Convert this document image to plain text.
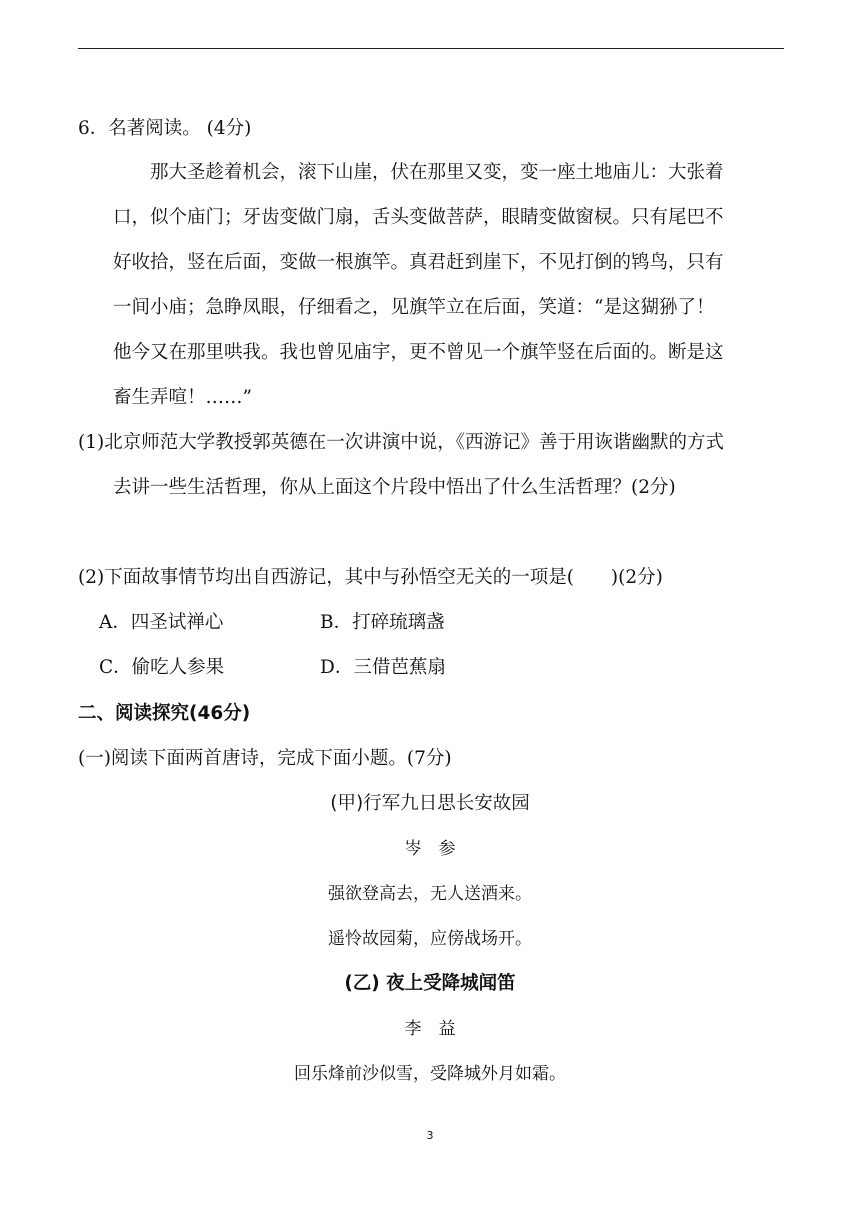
6．名著阅读。 (4分)
那大圣趁着机会，滚下山崖，伏在那里又变，变一座土地庙儿：大张着
口，似个庙门；牙齿变做门扇，舌头变做菩萨，眼睛变做窗棂。只有尾巴不
好收拾，竖在后面，变做一根旗竿。真君赶到崖下，不见打倒的鸨鸟，只有
一间小庙；急睁凤眼，仔细看之，见旗竿立在后面，笑道：“是这猢狲了！
他今又在那里哄我。我也曾见庙宇，更不曾见一个旗竿竖在后面的。断是这
畜生弄喧！……”
(1)北京师范大学教授郭英德在一次讲演中说，《西游记》善于用诙谐幽默的方式
去讲一些生活哲理，你从上面这个片段中悟出了什么生活哲理？(2分)
(2)下面故事情节均出自西游记，其中与孙悟空无关的一项是(　　)(2分)
A．四圣试禅心	B．打碎琉璃盏
C．偷吃人参果	D．三借芭蕉扇
二、阅读探究(46分)
(一)阅读下面两首唐诗，完成下面小题。(7分)
(甲)行军九日思长安故园
岑　参
强欲登高去，无人送酒来。
遥怜故园菊，应傍战场开。
(乙) 夜上受降城闻笛
李　益
回乐烽前沙似雪，受降城外月如霜。
3
